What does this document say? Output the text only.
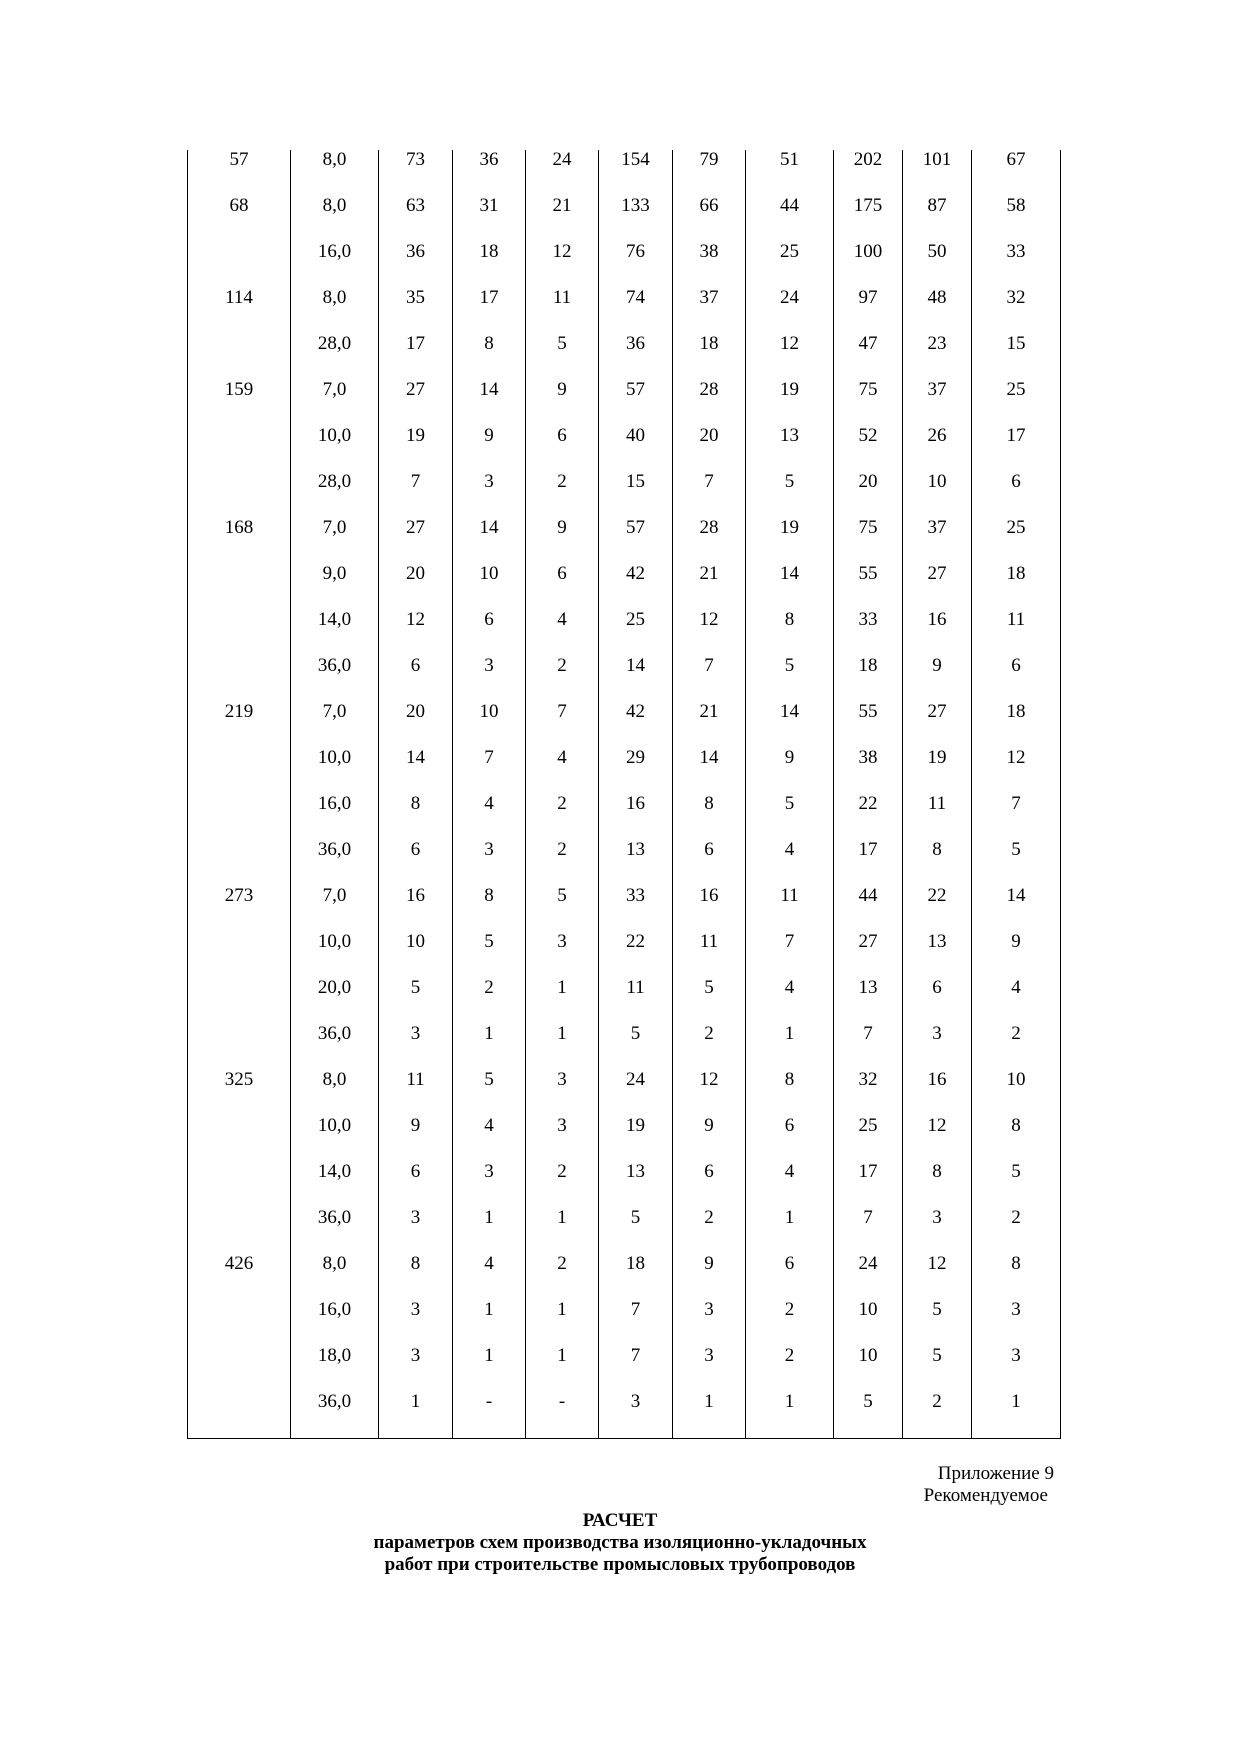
57	8,0	73	36	24	154	79	51	202	101	67
68	8,0	63	31	21	133	66	44	175	87	58
	16,0	36	18	12	76	38	25	100	50	33
114	8,0	35	17	11	74	37	24	97	48	32
	28,0	17	8	5	36	18	12	47	23	15
159	7,0	27	14	9	57	28	19	75	37	25
	10,0	19	9	6	40	20	13	52	26	17
	28,0	7	3	2	15	7	5	20	10	6
168	7,0	27	14	9	57	28	19	75	37	25
	9,0	20	10	6	42	21	14	55	27	18
	14,0	12	6	4	25	12	8	33	16	11
	36,0	6	3	2	14	7	5	18	9	6
219	7,0	20	10	7	42	21	14	55	27	18
	10,0	14	7	4	29	14	9	38	19	12
	16,0	8	4	2	16	8	5	22	11	7
	36,0	6	3	2	13	6	4	17	8	5
273	7,0	16	8	5	33	16	11	44	22	14
	10,0	10	5	3	22	11	7	27	13	9
	20,0	5	2	1	11	5	4	13	6	4
	36,0	3	1	1	5	2	1	7	3	2
325	8,0	11	5	3	24	12	8	32	16	10
	10,0	9	4	3	19	9	6	25	12	8
	14,0	6	3	2	13	6	4	17	8	5
	36,0	3	1	1	5	2	1	7	3	2
426	8,0	8	4	2	18	9	6	24	12	8
	16,0	3	1	1	7	3	2	10	5	3
	18,0	3	1	1	7	3	2	10	5	3
	36,0	1	-	-	3	1	1	5	2	1
Приложение 9
Рекомендуемое
РАСЧЕТ
параметров схем производства изоляционно-укладочных
работ при строительстве промысловых трубопроводов
